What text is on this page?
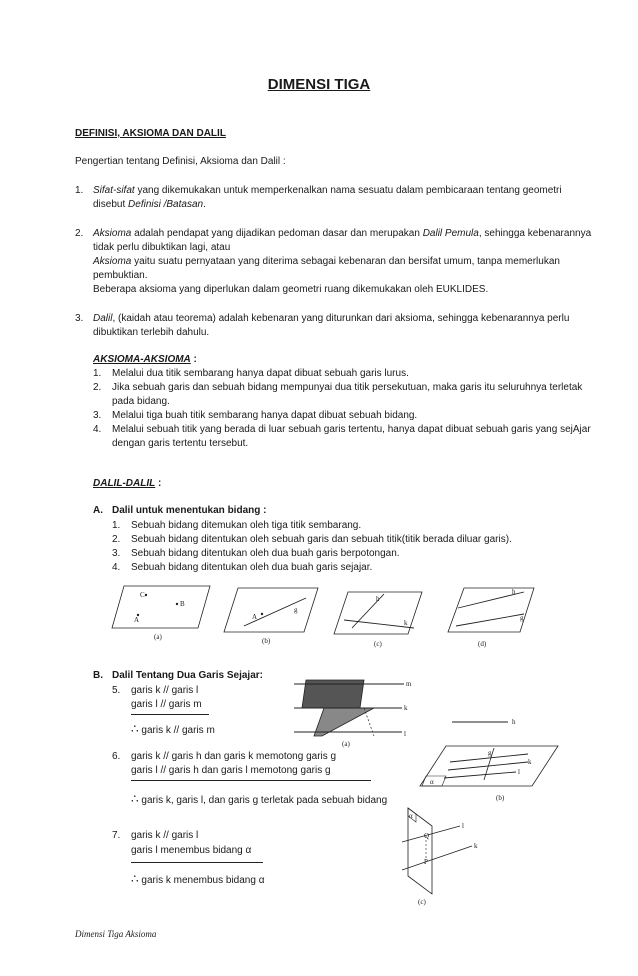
DIMENSI TIGA
DEFINISI, AKSIOMA DAN DALIL
Pengertian tentang Definisi, Aksioma dan Dalil :
1. Sifat-sifat yang dikemukakan untuk memperkenalkan nama sesuatu dalam pembicaraan tentang geometri
disebut Definisi /Batasan.
2. Aksioma adalah pendapat yang dijadikan pedoman dasar dan merupakan Dalil Pemula, sehingga kebenarannya
tidak perlu dibuktikan lagi, atau
Aksioma yaitu suatu pernyataan yang diterima sebagai kebenaran dan bersifat umum, tanpa memerlukan
pembuktian.
Beberapa aksioma yang diperlukan dalam geometri ruang dikemukakan oleh EUKLIDES.
3. Dalil, (kaidah atau teorema) adalah kebenaran yang diturunkan dari aksioma, sehingga kebenarannya perlu
dibuktikan terlebih dahulu.
AKSIOMA-AKSIOMA :
1. Melalui dua titik sembarang hanya dapat dibuat sebuah garis lurus.
2. Jika sebuah garis dan sebuah bidang mempunyai dua titik persekutuan, maka garis itu seluruhnya terletak
pada bidang.
3. Melalui tiga buah titik sembarang hanya dapat dibuat sebuah bidang.
4. Melalui sebuah titik yang berada di luar sebuah garis tertentu, hanya dapat dibuat sebuah garis yang sejAjar
dengan garis tertentu tersebut.
DALIL-DALIL :
A. Dalil untuk menentukan bidang :
1. Sebuah bidang ditemukan oleh tiga titik sembarang.
2. Sebuah bidang ditentukan oleh sebuah garis dan sebuah titik(titik berada diluar garis).
3. Sebuah bidang ditentukan oleh dua buah garis berpotongan.
4. Sebuah bidang ditentukan oleh dua buah garis sejajar.
C
B
A
(a)
g
A
(b)
h
k
(c)
h
g
(d)
B. Dalil Tentang Dua Garis Sejajar:
5. garis k // garis l
garis l // garis m
∴ garis k // garis m
m
k
l
h
(a)
6. garis k // garis h dan garis k memotong garis g
garis l // garis h dan garis l memotong garis g
∴ garis k, garis l, dan garis g terletak pada sebuah bidang
α
g
k
l
(b)
7. garis k // garis l
garis l menembus bidang α
∴ garis k menembus bidang α
α
l
k
Q
P
(c)
Dimensi Tiga Aksioma
